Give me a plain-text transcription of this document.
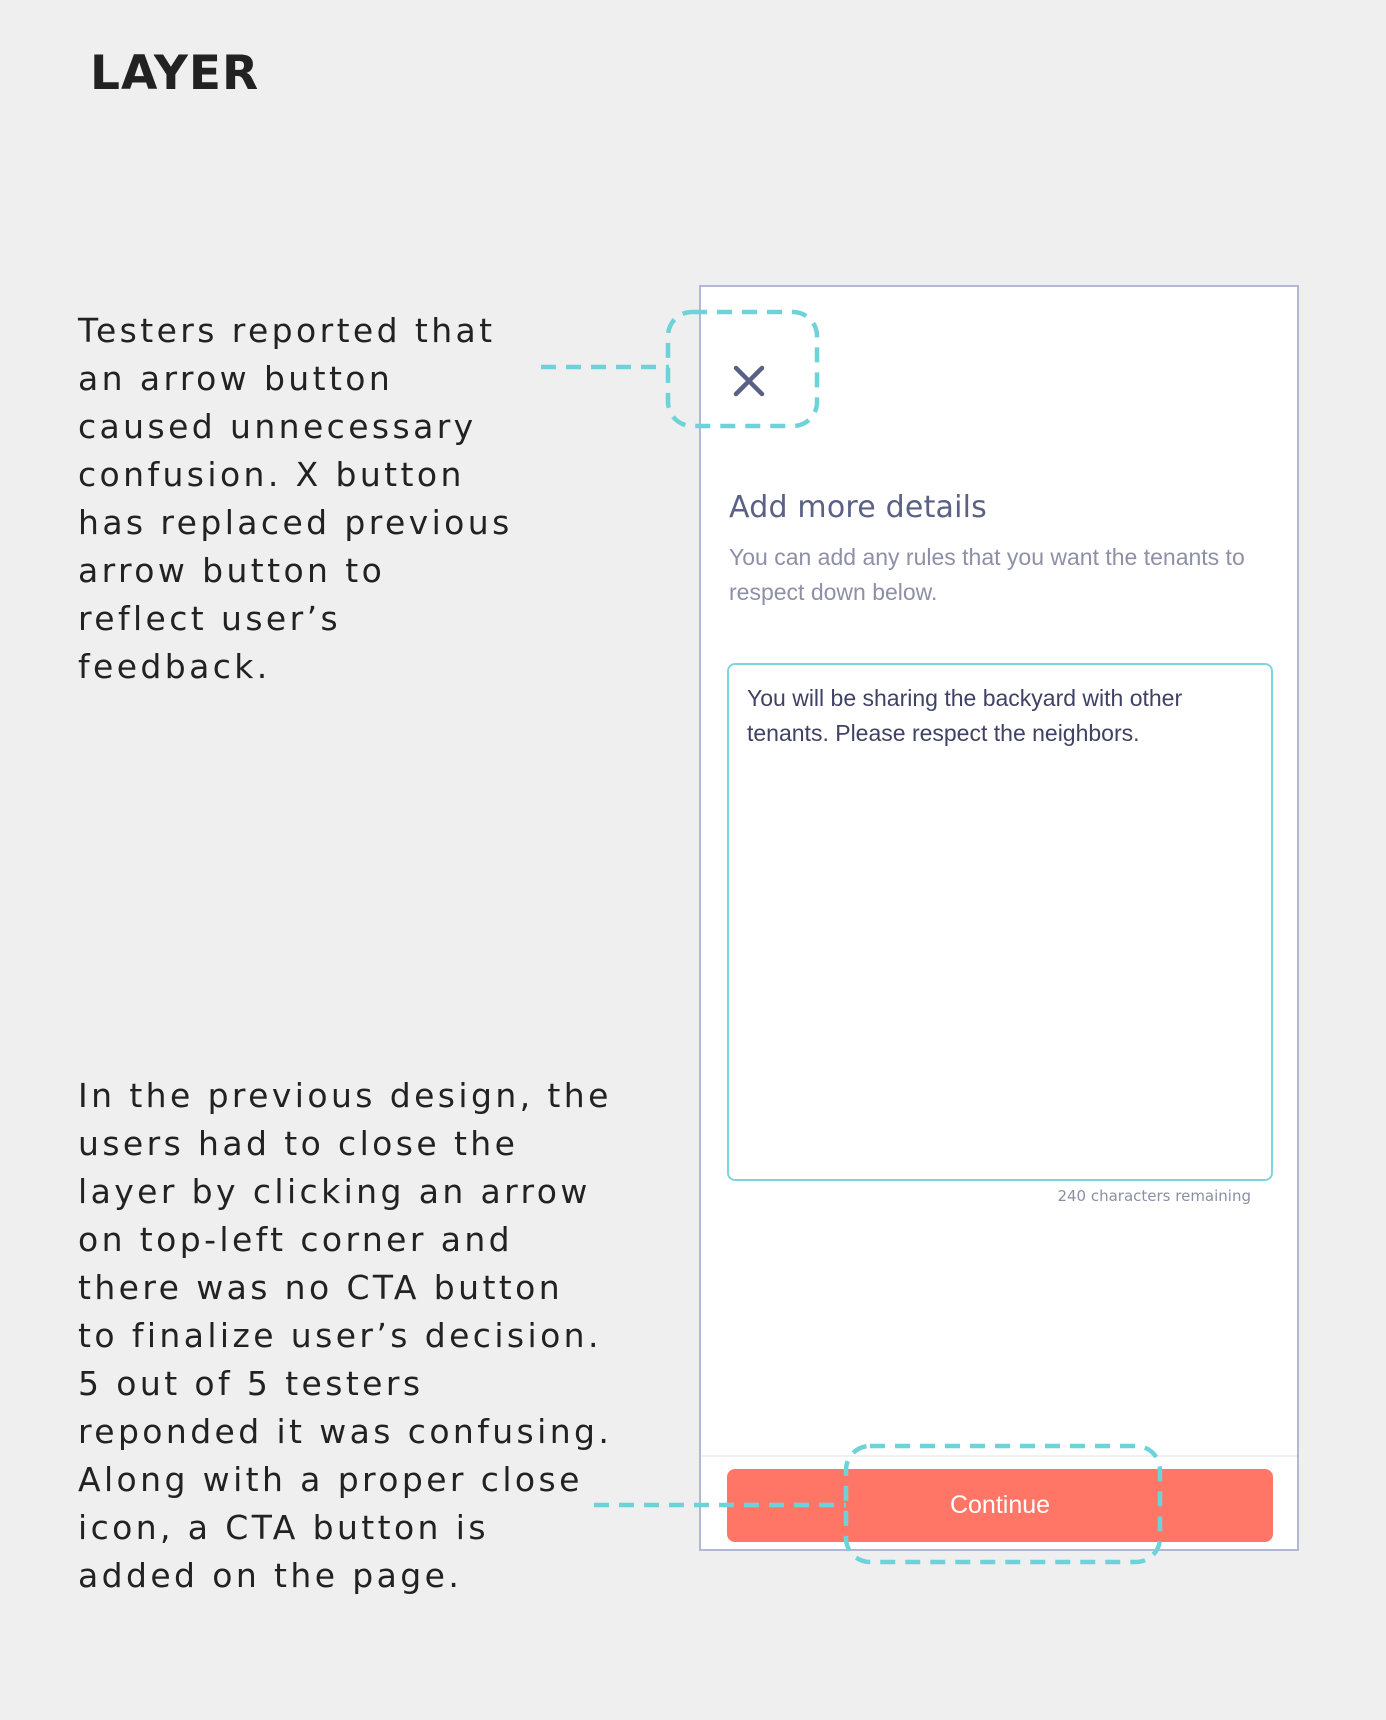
LAYER

Testers reported that
an arrow button
caused unnecessary
confusion. X button
has replaced previous
arrow button to
reflect user’s
feedback.

In the previous design, the
users had to close the
layer by clicking an arrow
on top-left corner and
there was no CTA button
to finalize user’s decision.
5 out of 5 testers
reponded it was confusing.
Along with a proper close
icon, a CTA button is
added on the page.

Add more details

You can add any rules that you want the tenants to respect down below.

You will be sharing the backyard with other tenants. Please respect the neighbors.

240 characters remaining

Continue
